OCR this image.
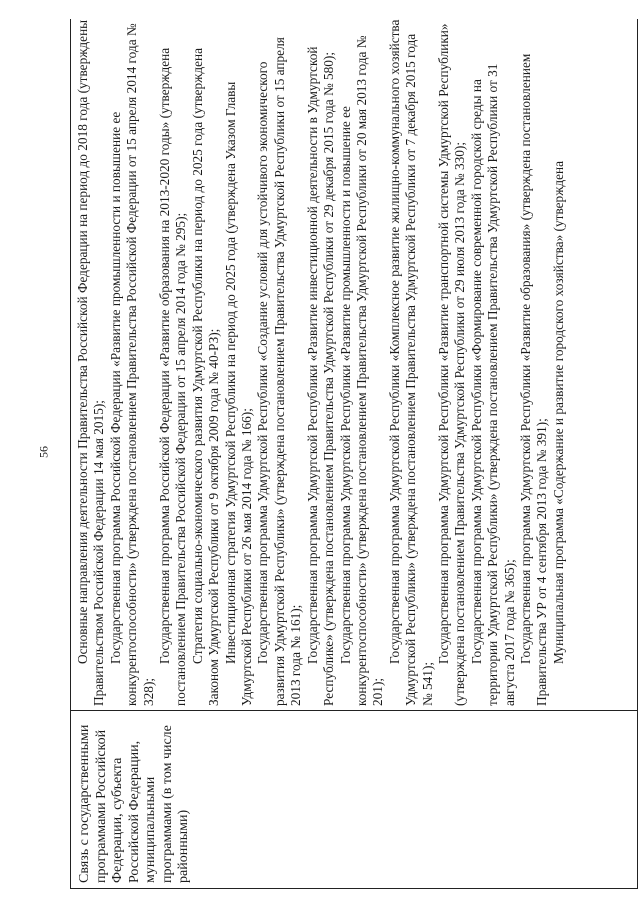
56
Связь с государственными программами Российской Федерации, субъекта Российской Федерации, муниципальными программами (в том числе районными)

Основные направления деятельности Правительства Российской Федерации на период до 2018 года (утверждены Правительством Российской Федерации 14 мая 2015); Государственная программа Российской Федерации «Развитие промышленности и повышение ее конкурентоспособности» (утверждена постановлением Правительства Российской Федерации от 15 апреля 2014 года № 328);

Государственная программа Российской Федерации «Развитие образования на 2013-2020 годы» (утверждена постановлением Правительства Российской Федерации от 15 апреля 2014 года № 295); Стратегия социально-экономического развития Удмуртской Республики на период до 2025 года (утверждена Законом Удмуртской Республики от 9 октября 2009 года № 40-РЗ); Инвестиционная стратегия Удмуртской Республики на период до 2025 года (утверждена Указом Главы Удмуртской Республики от 26 мая 2014 года № 166); Государственная программа Удмуртской Республики «Создание условий для устойчивого экономического развития Удмуртской Республики» (утверждена постановлением Правительства Удмуртской Республики от 15 апреля 2013 года № 161); Государственная программа Удмуртской Республики «Развитие инвестиционной деятельности в Удмуртской Республике» (утверждена постановлением Правительства Удмуртской Республики от 29 декабря 2015 года № 580); Государственная программа Удмуртской Республики «Развитие промышленности и повышение ее конкурентоспособности» (утверждена постановлением Правительства Удмуртской Республики от 20 мая 2013 года № 201);

Государственная программа Удмуртской Республики «Комплексное развитие жилищно-коммунального хозяйства Удмуртской Республики» (утверждена постановлением Правительства Удмуртской Республики от 7 декабря 2015 года № 541);

Государственная программа Удмуртской Республики «Развитие транспортной системы Удмуртской Республики» (утверждена постановлением Правительства Удмуртской Республики от 29 июля 2013 года № 330); Государственная программа Удмуртской Республики «Формирование современной городской среды на территории Удмуртской Республики» (утверждена постановлением Правительства Удмуртской Республики от 31 августа 2017 года № 365); Государственная программа Удмуртской Республики «Развитие образования» (утверждена постановлением Правительства УР от 4 сентября 2013 года № 391); Муниципальная программа «Содержание и развитие городского хозяйства» (утверждена
